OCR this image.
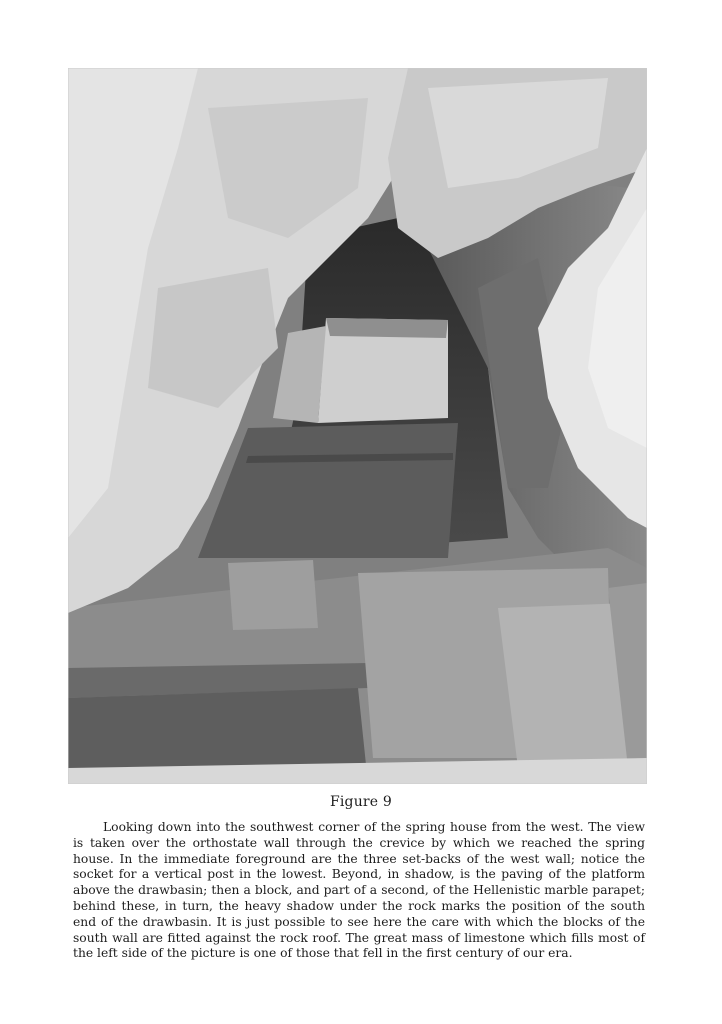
Figure 9

Looking down into the southwest corner of the spring house from the west. The view is taken over the orthostate wall through the crevice by which we reached the spring house. In the immediate foreground are the three set-backs of the west wall; notice the socket for a vertical post in the lowest. Beyond, in shadow, is the paving of the platform above the drawbasin; then a block, and part of a second, of the Hellenistic marble parapet; behind these, in turn, the heavy shadow under the rock marks the position of the south end of the drawbasin. It is just possible to see here the care with which the blocks of the south wall are fitted against the rock roof. The great mass of limestone which fills most of the left side of the picture is one of those that fell in the first century of our era.
